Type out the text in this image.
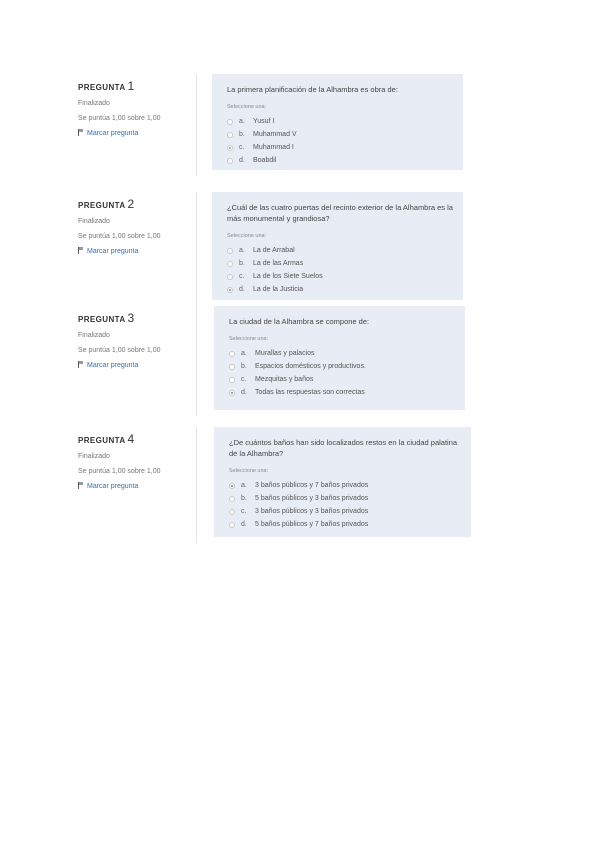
PREGUNTA 1
Finalizado
Se puntúa 1,00 sobre 1,00
Marcar pregunta
La primera planificación de la Alhambra es obra de:
Seleccione una:
a.	Yusuf I
b.	Muhammad V
c.	Muhammad I
d.	Boabdil
PREGUNTA 2
Finalizado
Se puntúa 1,00 sobre 1,00
Marcar pregunta
¿Cuál de las cuatro puertas del recinto exterior de la Alhambra es la más monumental y grandiosa?
Seleccione una:
a.	La de Arrabal
b.	La de las Armas
c.	La de los Siete Suelos
d.	La de la Justicia
PREGUNTA 3
Finalizado
Se puntúa 1,00 sobre 1,00
Marcar pregunta
La ciudad de la Alhambra se compone de:
Seleccione una:
a.	Murallas y palacios
b.	Espacios domésticos y productivos.
c.	Mezquitas y baños
d.	Todas las respuestas son correctas
PREGUNTA 4
Finalizado
Se puntúa 1,00 sobre 1,00
Marcar pregunta
¿De cuántos baños han sido localizados restos en la ciudad palatina de la Alhambra?
Seleccione una:
a.	3 baños públicos y 7 baños privados
b.	5 baños públicos y 3 baños privados
c.	3 baños públicos y 3 baños privados
d.	5 baños públicos y 7 baños privados
